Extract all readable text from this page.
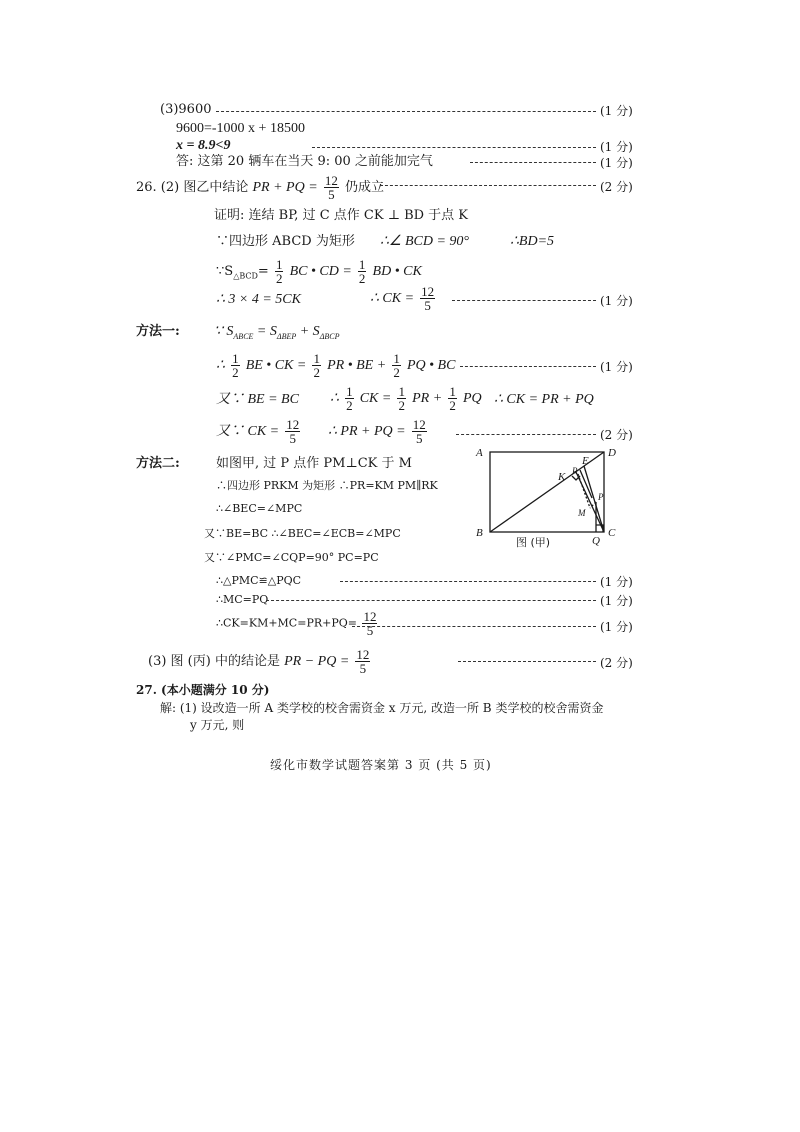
(3)9600	(1 分)
9600=-1000 x + 18500
x = 8.9<9	(1 分)
答: 这第 20 辆车在当天 9: 00 之前能加完气	(1 分)
26. (2) 图乙中结论 PR + PQ = $\frac{12}{5}$ 仍成立	(2 分)
证明: 连结 BP, 过 C 点作 CK ⊥ BD 于点 K
∵四边形 ABCD 为矩形 ∴∠ BCD = 90°	∴BD=5
$\because S_{\triangle BCD}= \frac{1}{2}$ BC • CD = $\frac{1}{2}$ BD • CK
∴ 3 × 4 = 5CK	∴ CK = $\frac{12}{5}$	(1 分)
方法一: ∵ $S_{ABCE} = S_{\Delta BEP} + S_{\Delta BCP}$
∴ $\frac{1}{2}$ BE • CK = $\frac{1}{2}$ PR • BE + $\frac{1}{2}$ PQ • BC	(1 分)
又∵ BE = BC ∴ $\frac{1}{2}$ CK = $\frac{1}{2}$ PR + $\frac{1}{2}$ PQ ∴ CK = PR + PQ
又∵ CK = $\frac{12}{5}$ ∴ PR + PQ = $\frac{12}{5}$	(2 分)
方法二:	如图甲, 过 P 点作 PM⊥CK 于 M
∴四边形 PRKM 为矩形 ∴PR=KM PM∥RK
∴∠BEC=∠MPC
又∵BE=BC ∴∠BEC=∠ECB=∠MPC
又∵∠PMC=∠CQP=90° PC=PC
∴△PMC≌△PQC	(1 分)
∴MC=PQ	(1 分)
∴CK=KM+MC=PR+PQ= $\frac{12}{5}$	(1 分)
(3) 图 (丙) 中的结论是 PR − PQ = $\frac{12}{5}$	(2 分)
27. (本小题满分 10 分)
解: (1) 设改造一所 A 类学校的校舍需资金 x 万元, 改造一所 B 类学校的校舍需资金
y 万元, 则
绥化市数学试题答案第 3 页 (共 5 页)
A	D
B	C
E
R
K
P
M
Q
图 (甲)
